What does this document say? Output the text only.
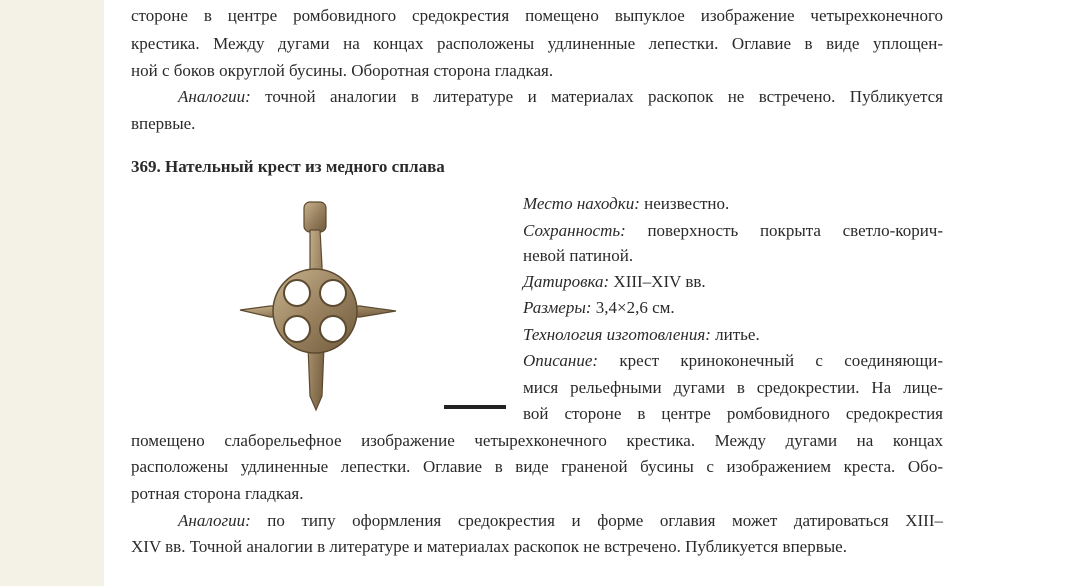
стороне в центре ромбовидного средокрестия помещено выпуклое изображение четырехконечного
крестика. Между дугами на концах расположены удлиненные лепестки. Оглавие в виде уплощен-
ной с боков округлой бусины. Оборотная сторона гладкая.
Аналогии: точной аналогии в литературе и материалах раскопок не встречено. Публикуется
впервые.
369. Нательный крест из медного сплава
Место находки: неизвестно.
Сохранность: поверхность покрыта светло-корич-
невой патиной.
Датировка: XIII–XIV вв.
Размеры: 3,4×2,6 см.
Технология изготовления: литье.
Описание: крест криноконечный с соединяющи-
мися рельефными дугами в средокрестии. На лице-
вой стороне в центре ромбовидного средокрестия
помещено слаборельефное изображение четырехконечного крестика. Между дугами на концах
расположены удлиненные лепестки. Оглавие в виде граненой бусины с изображением креста. Обо-
ротная сторона гладкая.
Аналогии: по типу оформления средокрестия и форме оглавия может датироваться XIII–
XIV вв. Точной аналогии в литературе и материалах раскопок не встречено. Публикуется впервые.
